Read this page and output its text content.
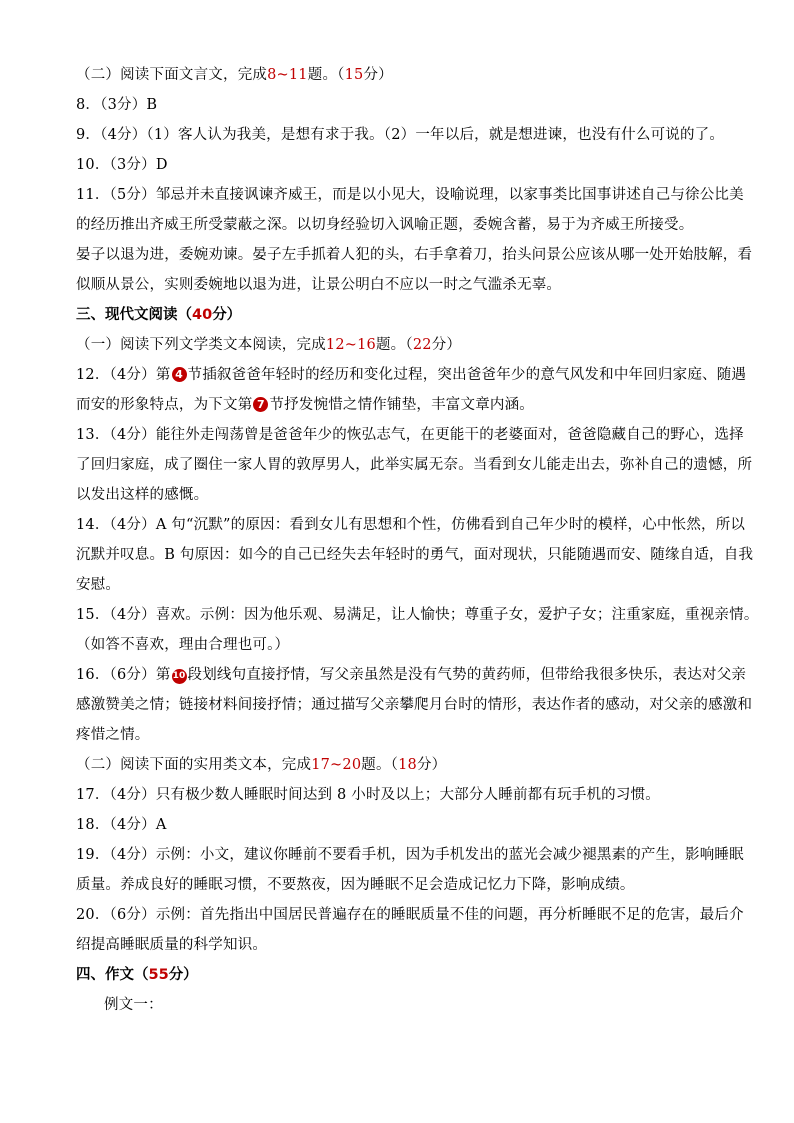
（二）阅读下面文言文，完成8~11题。（15分）
8．（3分）B
9．（4分）（1）客人认为我美，是想有求于我。（2）一年以后，就是想进谏，也没有什么可说的了。
10．（3分）D
11．（5分）邹忌并未直接讽谏齐威王，而是以小见大，设喻说理，以家事类比国事讲述自己与徐公比美
的经历推出齐威王所受蒙蔽之深。以切身经验切入讽喻正题，委婉含蓄，易于为齐威王所接受。
晏子以退为进，委婉劝谏。晏子左手抓着人犯的头，右手拿着刀，抬头问景公应该从哪一处开始肢解，看
似顺从景公，实则委婉地以退为进，让景公明白不应以一时之气滥杀无辜。
三、现代文阅读（40分）
（一）阅读下列文学类文本阅读，完成12~16题。（22分）
12．（4分）第 4 节插叙爸爸年轻时的经历和变化过程，突出爸爸年少的意气风发和中年回归家庭、随遇
而安的形象特点，为下文第 7 节抒发惋惜之情作铺垫，丰富文章内涵。
13．（4分）能往外走闯荡曾是爸爸年少的恢弘志气，在更能干的老婆面对，爸爸隐藏自己的野心，选择
了回归家庭，成了圈住一家人胃的敦厚男人，此举实属无奈。当看到女儿能走出去，弥补自己的遗憾，所
以发出这样的感慨。
14．（4分）A 句“沉默”的原因：看到女儿有思想和个性，仿佛看到自己年少时的模样，心中怅然，所以
沉默并叹息。B 句原因：如今的自己已经失去年轻时的勇气，面对现状，只能随遇而安、随缘自适，自我
安慰。
15．（4分）喜欢。示例：因为他乐观、易满足，让人愉快；尊重子女，爱护子女；注重家庭，重视亲情。
（如答不喜欢，理由合理也可。）
16．（6分）第 10 段划线句直接抒情，写父亲虽然是没有气势的黄药师，但带给我很多快乐，表达对父亲
感激赞美之情；链接材料间接抒情；通过描写父亲攀爬月台时的情形，表达作者的感动，对父亲的感激和
疼惜之情。
（二）阅读下面的实用类文本，完成17~20题。（18分）
17．（4分）只有极少数人睡眠时间达到 8 小时及以上；大部分人睡前都有玩手机的习惯。
18．（4分）A
19．（4分）示例：小文，建议你睡前不要看手机，因为手机发出的蓝光会减少褪黑素的产生，影响睡眠
质量。养成良好的睡眠习惯，不要熬夜，因为睡眠不足会造成记忆力下降，影响成绩。
20．（6分）示例：首先指出中国居民普遍存在的睡眠质量不佳的问题，再分析睡眠不足的危害，最后介
绍提高睡眠质量的科学知识。
四、作文（55分）
例文一：
